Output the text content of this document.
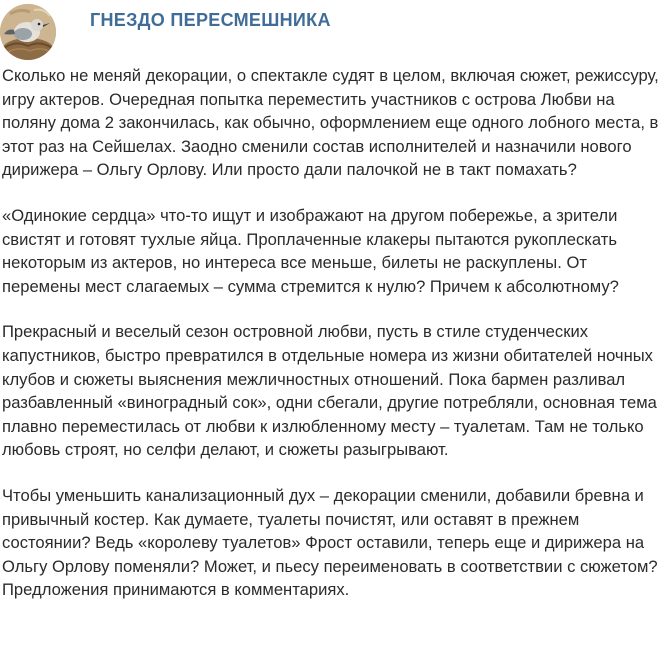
ГНЕЗДО ПЕРЕСМЕШНИКА

Сколько не меняй декорации, о спектакле судят в целом, включая сюжет, режиссуру, игру актеров. Очередная попытка переместить участников с острова Любви на поляну дома 2 закончилась, как обычно, оформлением еще одного лобного места, в этот раз на Сейшелах. Заодно сменили состав исполнителей и назначили нового дирижера – Ольгу Орлову. Или просто дали палочкой не в такт помахать?

«Одинокие сердца» что-то ищут и изображают на другом побережье, а зрители свистят и готовят тухлые яйца. Проплаченные клакеры пытаются рукоплескать некоторым из актеров, но интереса все меньше, билеты не раскуплены. От перемены мест слагаемых – сумма стремится к нулю? Причем к абсолютному?

Прекрасный и веселый сезон островной любви, пусть в стиле студенческих капустников, быстро превратился в отдельные номера из жизни обитателей ночных клубов и сюжеты выяснения межличностных отношений. Пока бармен разливал разбавленный «виноградный сок», одни сбегали, другие потребляли, основная тема плавно переместилась от любви к излюбленному месту – туалетам. Там не только любовь строят, но селфи делают, и сюжеты разыгрывают.

Чтобы уменьшить канализационный дух – декорации сменили, добавили бревна и привычный костер. Как думаете, туалеты почистят, или оставят в прежнем состоянии? Ведь «королеву туалетов» Фрост оставили, теперь еще и дирижера на Ольгу Орлову поменяли? Может, и пьесу переименовать в соответствии с сюжетом? Предложения принимаются в комментариях.
